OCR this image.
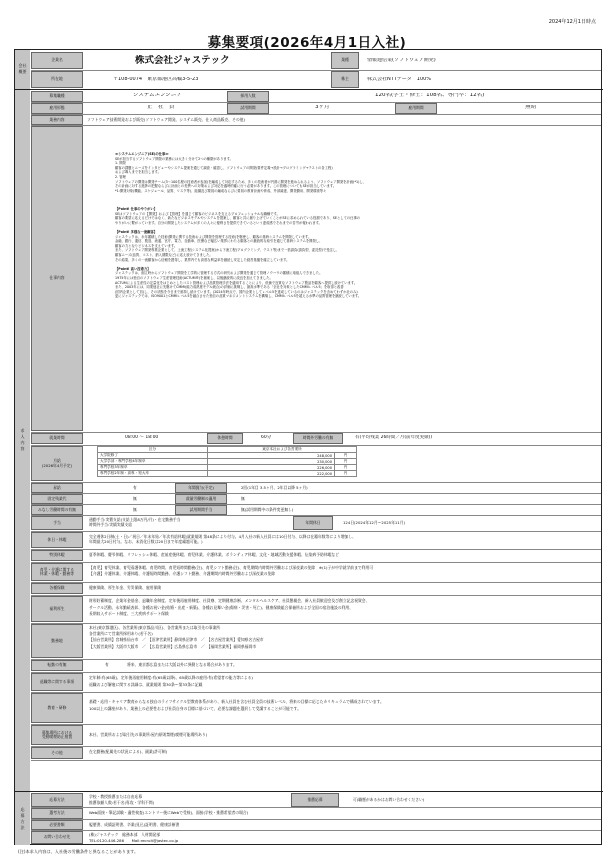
2024年12月1日時点
募集要項(2026年4月1日入社)
会社
概要
求
人
内
容
応
募
方
法
企業名	株式会社ジャステック	業種	情報通信業(ソフトウェア開発)
所在地	〒108-0074　東京都港区高輪3-5-23	株主	株式会社NTTデータ　100%
募集職種	システムエンジニア	採用人数	120名(学士・修士：108名、専門卒：12名)
雇用形態	正　社　員	試用期間	3ヶ月	雇用期間	無期
業務内容	ソフトウェア技術開発および販売(ソフトウェア開発、システム販売、仕入商品販売、その他)
仕事内容
≪システムエンジニア(SE)の仕事≫
SEが担当するソフトウェア開発の業務には大きく分けて2つの種類があります。
1. 開発
顧客の課題とニーズをインタビューやシステム提案を通じて調査・確認し、ソフトウェアの開発(要件定義→設計→プログラミング→テストの各工程)
および導入までを担当します。
2. 管理
ソフトウェアの開発は開発チーム(3～100名程の技術者が参加)を編成して対応するため、多くの技術者が円滑に開発を進められるよう、ソフトウェア開発を計画(*1)し、
その計画に対する進捗の把握ならびに計画との差異への対策および対応を適時的確に行う必要があります。この管理についてもSEが担当しています。
*1:開発対象(機能、スケジュール、品質、リスク等)、組織及び要員の編成ならびに要員の教育計画や育成、外部調達、開発費用、開発環境等々

【Point! 仕事のやりがい】
SEはソフトウェアの【開発】および【管理】を通じて顧客のビジネスを支えるプロフェッショナルな職種です。
顧客の要望に応えるだけではなく、新たなビジネスモデルやシステムを提案し、顧客と共に創り上げていくことがSEに求められている役割であり、SEとしての仕事の
やりがいに繋がっています。自分の開発したシステムが多くの人々に便利さを提供できているという達成感でそれまでの苦労が報われます。

【Point! 多様な一流顧客】
ジャステックは、永年蓄積した技術(開発に関する技術および開発を管理する技術)を駆使し、顧客の基幹システムを開発しています。
金融、銀行、通信、製造、流通、官庁、電力、自動車、医療など幅広い業界にわたる顧客との継続的な取引を通じて基幹システムを開発し、
顧客の力となりビジネスを支えています。
また、ソフトウェア開発専業企業として、上流工程(システム化提案)から下流工程(プログラミング、テスト等)まで一括請負(請負型、委託型)で受注し、
顧客ニーズ(品質、コスト、納入期限など)に応え続けてきました。
その結果、多くの一流顧客から信頼を獲得し、業界内でも高度な利益率を継続し安定した経営基盤を確立しています。

【Point! 高い技術力】
ジャステックは、創立時からソフトウェア開発を工学的に管理する方式の研究および開発を通じて管理ノウハウの蓄積に取組んできました。
1975年には独自のソフトウェア生産管理技術(ACTUM®)を創案し、以後継続的に改良を加えてきました。
ACTUMによる生産性の定量化をはじめとしたコスト管理および品質管理手法を適用することにより、低価で良質なソフトウェア製品を顧客へ提供し続けています。
また、2003年には、同業他社に先駆けてCMMI(能力成熟度モデル統合)の評価に挑戦し、最高水準である「全社を対象としたCMMIレベル5」を取得と改善
(国内企業として初)し、その状態を今日まで維持し続けています。(2024年時点で、国内企業としてレベル5を達成しているのはジャステックを含めてわずか社のみ)
更にジャステックでは、ISO9001とCMMIレベル5を融合させた独自の品質マネジメントシステムを構築し、CMMIレベル5を超える水準の品質管理を継続しています。
就業時間	08:00 ～ 18:00	休憩時間	60分	時間外労働の有無	有(平均残業 26時間／月(前年度実績))
月給
(2026年4月予定)
区分	東京本社および各営業所	
大学院修了	248,000	円
大学学部・専門学校4年制卒	230,000	円
専門学校3年制卒	226,000	円
専門学校2年制・高専・短大卒	222,000	円
昇給	有	年間賞与(予定)	2回(1年目 3.5ヶ月、2年目以降 5ヶ月)
固定残業代	無	裁量労働制の適用	無
みなし労働時間の有無	無	試用期間手当	無(試用期間中の条件変更無し)
手当
通勤手当:実費支給(支給上限8万円/月)・在宅勤務手当
時間外手当:実績実績支給	年間休日	124日(2024年12月～2025年11月)
休日・休暇
完全週休2日制(土・日)／祝日／年末年始／年次有給休暇(就業規則 第48条により付与。4月入社の新入社員には10日付与、以降は在籍年数等により増加し、
年間最大20日付与。なお、未消化日数は20日まで年度繰越可能。)
特別休暇	夏季休暇、慶弔休暇、リフレッシュ休暇、産前産後休暇、育児休業、介護休業、ボランティア休暇、文化・地域活動支援休暇、伝染病予防休暇など
育児・介護に関する
休業・休暇・勤務等
【育児】育児休業、育児看護休暇、育児時間、育児短時間勤務(注)、育児シフト勤務(注)、育児期間内時間外労働および深夜業の免除　※(1)子が中学就学前まで利用可
【介護】介護休業、介護休暇、介護短時間勤務、介護シフト勤務、介護期間内時間外労働および深夜業の免除
各種保険	健康保険、厚生年金、労災保険、雇用保険
福利厚生
財形貯蓄制度、企業年金基金、退職年金制度、定年後再雇用制度、社員寮、定期健康診断、メンタルヘルスケア、社員懇親会、新入社員歓迎会及び創立記念祝賀会、
サークル活動、永年勤続表彰、各種お祝い金(結婚・出産・新築)、各種お見舞い金(傷病・災害・死亡)、健康保険組合保養所および全国の宿泊施設の利用、
長期収入サポート制度、三大疾病サポート保険
勤務地
本社(東京都港区)、各営業所(東京都品川区)、各営業所または取引先の事業所
各営業所にて営業所採用あり(若干名)
【仙台営業所】宮城県仙台市　／　【沼津営業所】静岡県沼津市　／　【名古屋営業所】愛知県名古屋市
【大阪営業所】大阪市大阪市　／　【広島営業所】広島県広島市　／　【福岡営業所】福岡県福岡市
転勤の有無	有	将来、東京都広島または大阪以外に異動となる場合があります。
退職等に関する事項
定年制:有(65歳)、定年後再雇用制度:有(65歳以降)、65歳以降の雇用:有(希望者の能力等による)
退職および解雇に関する詳細は、就業規則 第30条～第33条に記載
教育・研修
基礎・応用・キャリア教育からなる独自のライフサイクル型教育体系があり、新入社員を含む社員全員の技術レベル、将来の目標に応じたカリキュラムで構成されています。
100以上の講座があり、業務上の必要性および社員自身の目標に基づいて、必要な課題を選択して受講することが可能です。
募集場所における
受動喫煙防止措置	本社、営業所および取引先の事業所:屋内原則禁煙(喫煙可能場所あり)
その他	在宅勤務(配属先の状況による)、副業(許可制)
応募方法
学校・教授推薦または自由応募
推薦依頼人数:若干名(専攻・学科不問)
推薦応募	可(職歴があるかはお問い合わせください)
選考方法	Web面接・筆記試験・適性検査(エントリー後にWebで受検)、面接(学校・推薦希望者の場合)
必要書類	履歴書、成績証明書、卒業(見込)証明書、健康診断書
お問い合わせ先	(株)ジャステック　総務本部　人材開発部
TEL:0120-446-286　　Mail:recruit@jastec.co.jp
(注)本求人内容は、入社後の労働条件と異なることがあります。
